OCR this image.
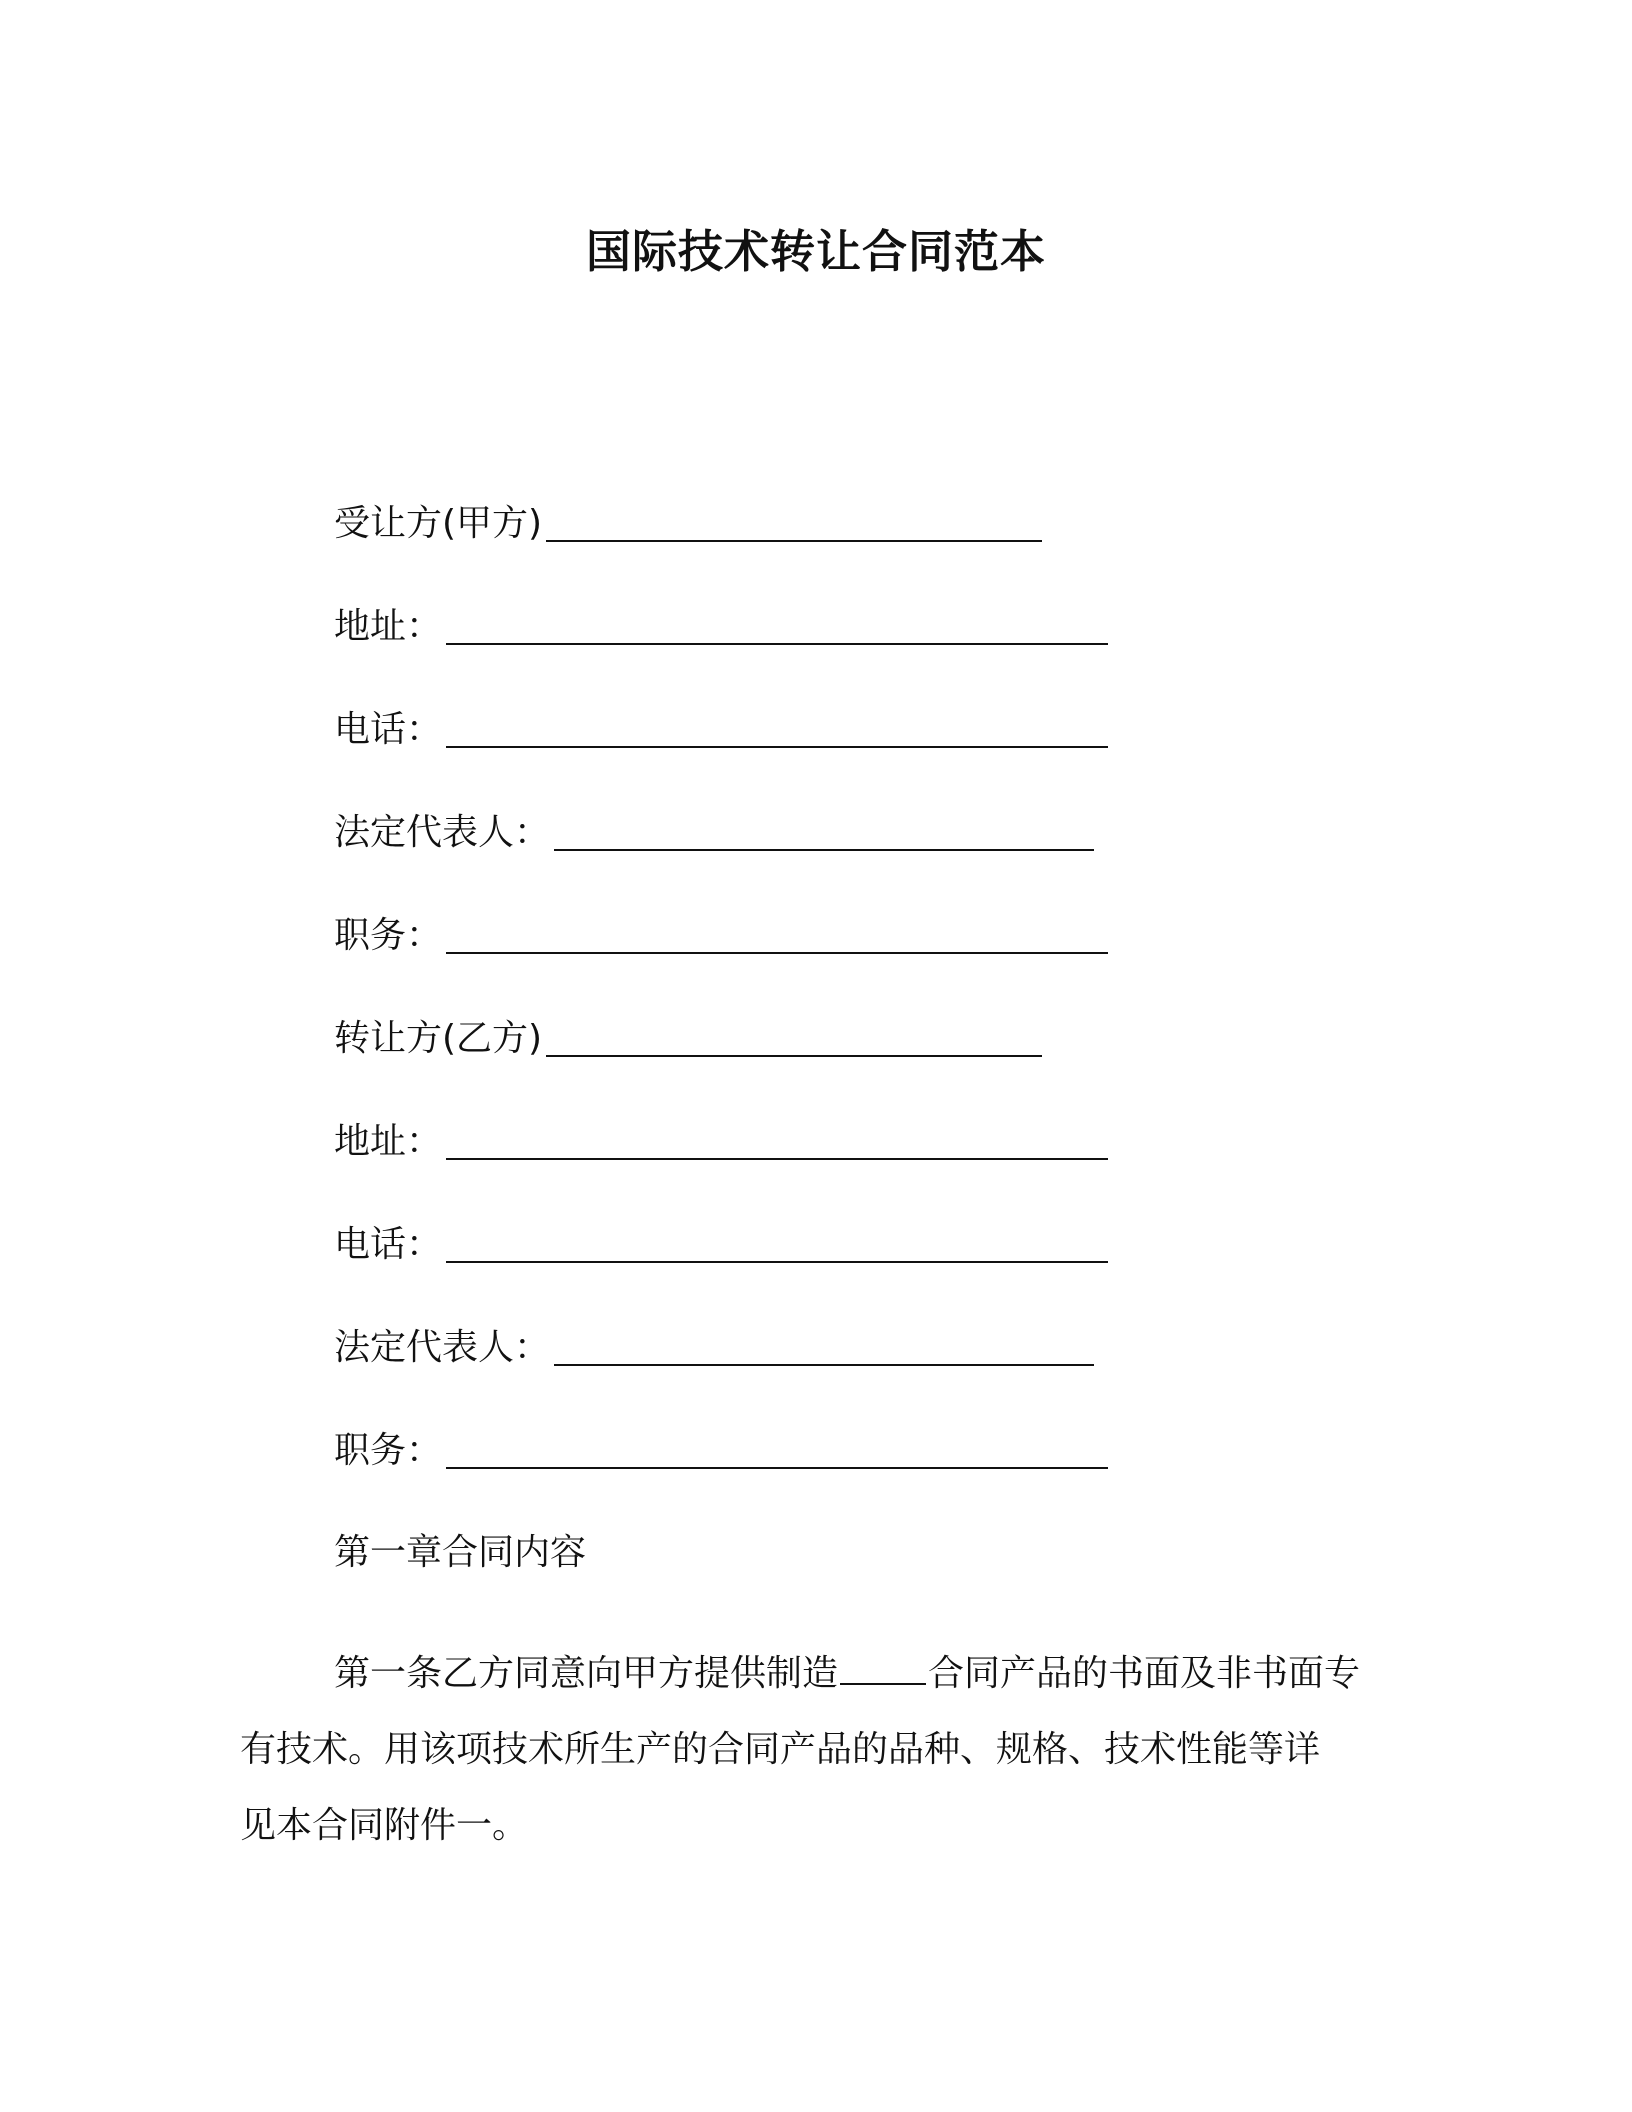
国际技术转让合同范本
受让方(甲方)
地址：
电话：
法定代表人：
职务：
转让方(乙方)
地址：
电话：
法定代表人：
职务：
第一章合同内容
第一条乙方同意向甲方提供制造	合同产品的书面及非书面专
有技术。用该项技术所生产的合同产品的品种、规格、技术性能等详
见本合同附件一。
